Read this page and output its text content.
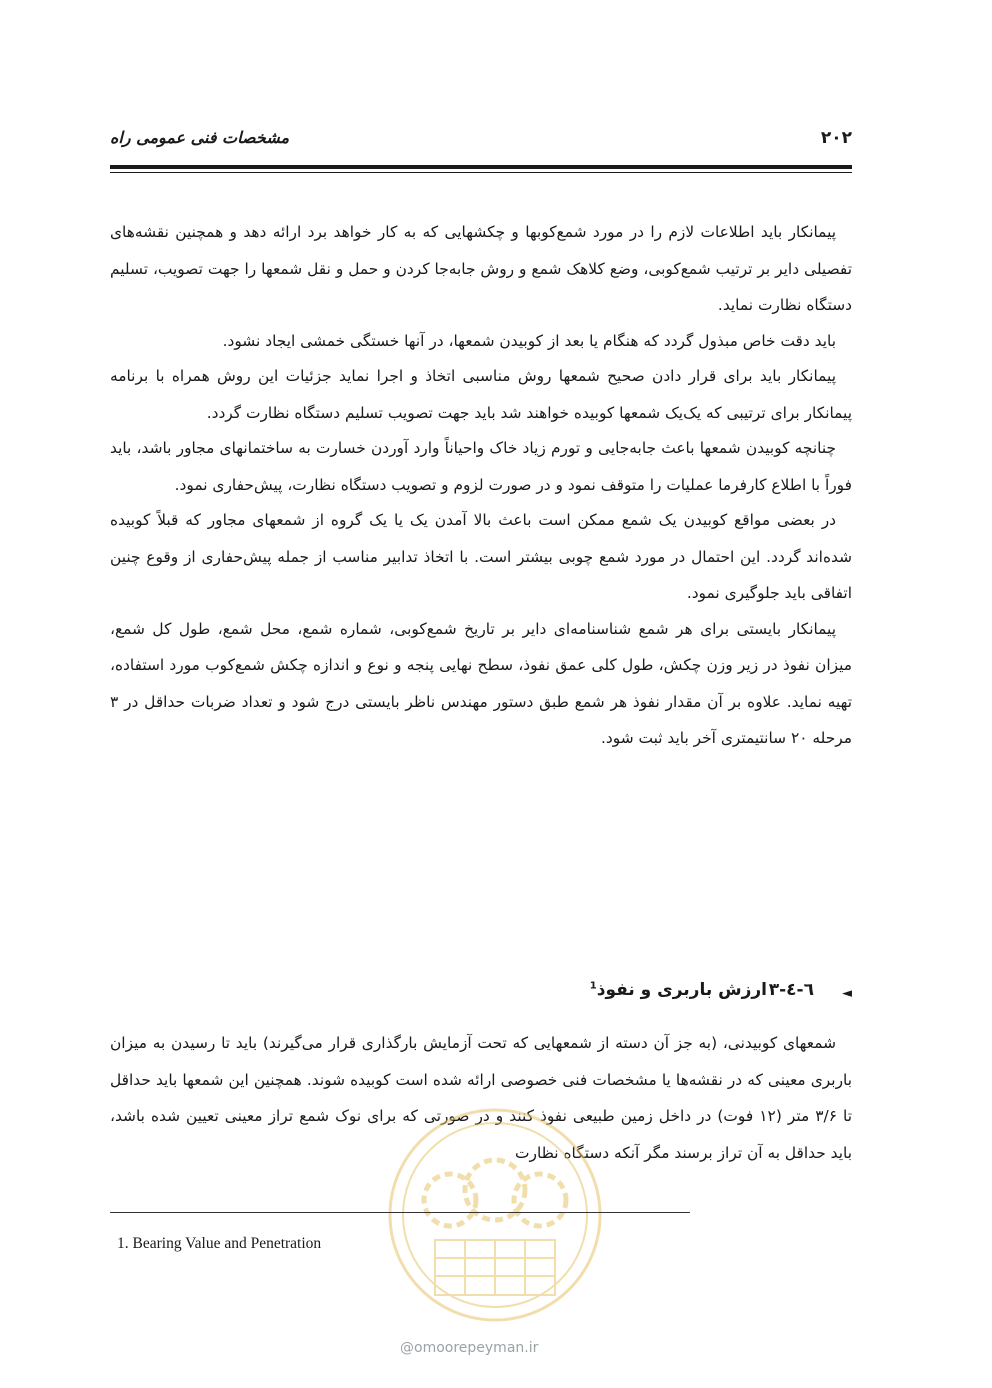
۲۰۲
مشخصات فنی عمومی راه

پیمانکار باید اطلاعات لازم را در مورد شمع‌کوبها و چکشهایی که به کار خواهد برد ارائه دهد و همچنین نقشه‌های تفصیلی دایر بر ترتیب شمع‌کوبی، وضع کلاهک شمع و روش جابه‌جا کردن و حمل و نقل شمعها را جهت تصویب، تسلیم دستگاه نظارت نماید.

باید دقت خاص مبذول گردد که هنگام یا بعد از کوبیدن شمعها، در آنها خستگی خمشی ایجاد نشود.

پیمانکار باید برای قرار دادن صحیح شمعها روش مناسبی اتخاذ و اجرا نماید جزئیات این روش همراه با برنامه پیمانکار برای ترتیبی که یک‌یک شمعها کوبیده خواهند شد باید جهت تصویب تسلیم دستگاه نظارت گردد.

چنانچه کوبیدن شمعها باعث جابه‌جایی و تورم زیاد خاک واحیاناً وارد آوردن خسارت به ساختمانهای مجاور باشد، باید فوراً با اطلاع کارفرما عملیات را متوقف نمود و در صورت لزوم و تصویب دستگاه نظارت، پیش‌حفاری نمود.

در بعضی مواقع کوبیدن یک شمع ممکن است باعث بالا آمدن یک یا یک گروه از شمعهای مجاور که قبلاً کوبیده شده‌اند گردد. این احتمال در مورد شمع چوبی بیشتر است. با اتخاذ تدابیر مناسب از جمله پیش‌حفاری از وقوع چنین اتفاقی باید جلوگیری نمود.

پیمانکار بایستی برای هر شمع شناسنامه‌ای دایر بر تاریخ شمع‌کوبی، شماره شمع، محل شمع، طول کل شمع، میزان نفوذ در زیر وزن چکش، طول کلی عمق نفوذ، سطح نهایی پنجه و نوع و اندازه چکش شمع‌کوب مورد استفاده، تهیه نماید. علاوه بر آن مقدار نفوذ هر شمع طبق دستور مهندس ناظر بایستی درج شود و تعداد ضربات حداقل در ۳ مرحله ۲۰ سانتیمتری آخر باید ثبت شود.

◄
٦-٤-٣
ارزش باربری و نفوذ$^1$

شمعهای کوبیدنی، (به جز آن دسته از شمعهایی که تحت آزمایش بارگذاری قرار می‌گیرند) باید تا رسیدن به میزان باربری معینی که در نقشه‌ها یا مشخصات فنی خصوصی ارائه شده است کوبیده شوند. همچنین این شمعها باید حداقل تا ۳/۶ متر (۱۲ فوت) در داخل زمین طبیعی نفوذ کنند و در صورتی که برای نوک شمع تراز معینی تعیین شده باشد، باید حداقل به آن تراز برسند مگر آنکه دستگاه نظارت

@omoorepeyman.ir
1. Bearing Value and Penetration
